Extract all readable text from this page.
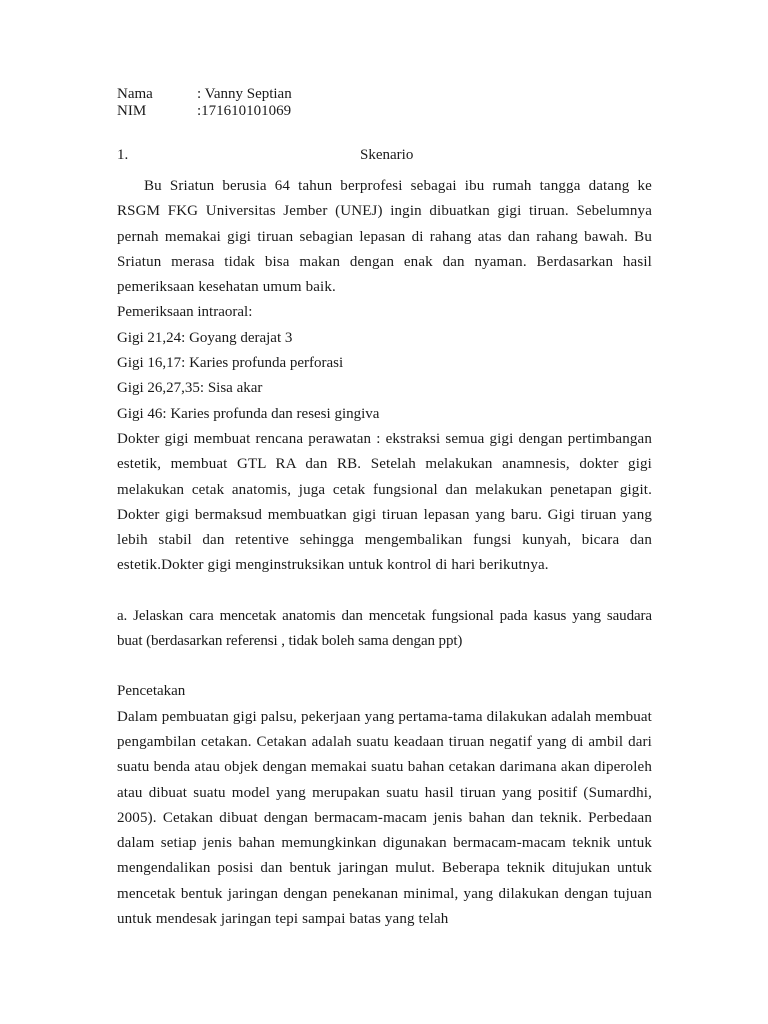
Nama	: Vanny Septian
NIM	:171610101069
1.	Skenario

Bu Sriatun berusia 64 tahun berprofesi sebagai ibu rumah tangga datang ke RSGM FKG Universitas Jember (UNEJ) ingin dibuatkan gigi tiruan. Sebelumnya pernah memakai gigi tiruan sebagian lepasan di rahang atas dan rahang bawah. Bu Sriatun merasa tidak bisa makan dengan enak dan nyaman. Berdasarkan hasil pemeriksaan kesehatan umum baik.

Pemeriksaan intraoral:

Gigi 21,24: Goyang derajat 3

Gigi 16,17: Karies profunda perforasi

Gigi 26,27,35: Sisa akar

Gigi 46: Karies profunda dan resesi gingiva

Dokter gigi membuat rencana perawatan : ekstraksi semua gigi dengan pertimbangan estetik, membuat GTL RA dan RB. Setelah melakukan anamnesis, dokter gigi melakukan cetak anatomis, juga cetak fungsional dan melakukan penetapan gigit. Dokter gigi bermaksud membuatkan gigi tiruan lepasan yang baru. Gigi tiruan yang lebih stabil dan retentive sehingga mengembalikan fungsi kunyah, bicara dan estetik.Dokter gigi menginstruksikan untuk kontrol di hari berikutnya.

a. Jelaskan cara mencetak anatomis dan mencetak fungsional pada kasus yang saudara buat (berdasarkan referensi , tidak boleh sama dengan ppt)

Pencetakan

Dalam pembuatan gigi palsu, pekerjaan yang pertama-tama dilakukan adalah membuat pengambilan cetakan. Cetakan adalah suatu keadaan tiruan negatif yang di ambil dari suatu benda atau objek dengan memakai suatu bahan cetakan darimana akan diperoleh atau dibuat suatu model yang merupakan suatu hasil tiruan yang positif (Sumardhi, 2005). Cetakan dibuat dengan bermacam-macam jenis bahan dan teknik. Perbedaan dalam setiap jenis bahan memungkinkan digunakan bermacam-macam teknik untuk mengendalikan posisi dan bentuk jaringan mulut. Beberapa teknik ditujukan untuk mencetak bentuk jaringan dengan penekanan minimal, yang dilakukan dengan tujuan untuk mendesak jaringan tepi sampai batas yang telah
